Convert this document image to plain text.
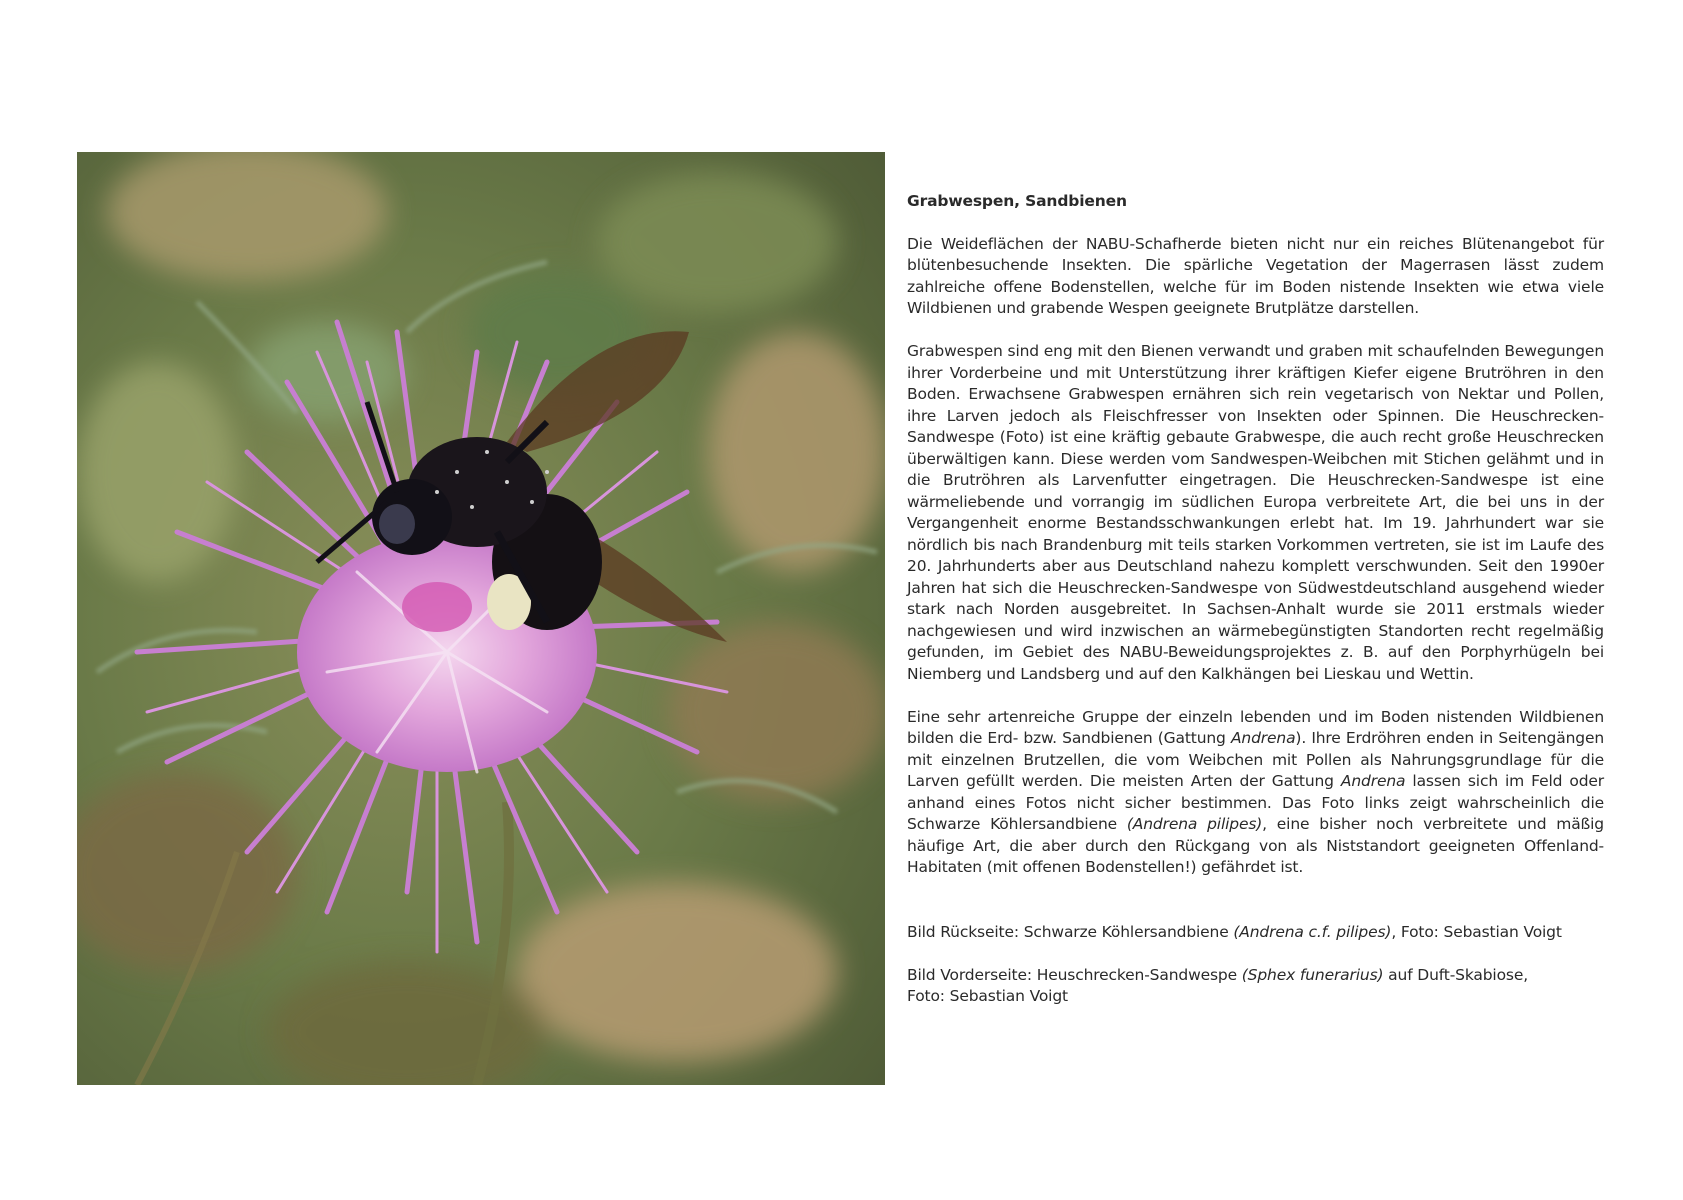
Grabwespen, Sandbienen

Die Weideflächen der NABU-Schafherde bieten nicht nur ein reiches Blütenangebot für blütenbesuchende Insekten. Die spärliche Vegetation der Magerrasen lässt zudem zahlreiche offene Bodenstellen, welche für im Boden nistende Insekten wie etwa viele Wildbienen und grabende Wespen geeignete Brutplätze darstellen.

Grabwespen sind eng mit den Bienen verwandt und graben mit schaufelnden Bewegungen ihrer Vorderbeine und mit Unterstützung ihrer kräftigen Kiefer eigene Brutröhren in den Boden. Erwachsene Grabwespen ernähren sich rein vegetarisch von Nektar und Pollen, ihre Larven jedoch als Fleischfresser von Insekten oder Spinnen. Die Heuschrecken-Sandwespe (Foto) ist eine kräftig gebaute Grabwespe, die auch recht große Heuschrecken überwältigen kann. Diese werden vom Sandwespen-Weibchen mit Stichen gelähmt und in die Brutröhren als Larvenfutter eingetragen. Die Heuschrecken-Sandwespe ist eine wärmeliebende und vorrangig im südlichen Europa verbreitete Art, die bei uns in der Vergangenheit enorme Bestandsschwankungen erlebt hat. Im 19. Jahrhundert war sie nördlich bis nach Brandenburg mit teils starken Vorkommen vertreten, sie ist im Laufe des 20. Jahrhunderts aber aus Deutschland nahezu komplett verschwunden. Seit den 1990er Jahren hat sich die Heuschrecken-Sandwespe von Südwestdeutschland ausgehend wieder stark nach Norden ausgebreitet. In Sachsen-Anhalt wurde sie 2011 erstmals wieder nachgewiesen und wird inzwischen an wärmebegünstigten Standorten recht regelmäßig gefunden, im Gebiet des NABU-Beweidungsprojektes z. B. auf den Porphyrhügeln bei Niemberg und Landsberg und auf den Kalkhängen bei Lieskau und Wettin.

Eine sehr artenreiche Gruppe der einzeln lebenden und im Boden nistenden Wildbienen bilden die Erd- bzw. Sandbienen (Gattung Andrena). Ihre Erdröhren enden in Seitengängen mit einzelnen Brutzellen, die vom Weibchen mit Pollen als Nahrungsgrundlage für die Larven gefüllt werden. Die meisten Arten der Gattung Andrena lassen sich im Feld oder anhand eines Fotos nicht sicher bestimmen. Das Foto links zeigt wahrscheinlich die Schwarze Köhlersandbiene (Andrena pilipes), eine bisher noch verbreitete und mäßig häufige Art, die aber durch den Rückgang von als Niststandort geeigneten Offenland-Habitaten (mit offenen Bodenstellen!) gefährdet ist.

Bild Rückseite: Schwarze Köhlersandbiene (Andrena c.f. pilipes), Foto: Sebastian Voigt

Bild Vorderseite: Heuschrecken-Sandwespe (Sphex funerarius) auf Duft-Skabiose,
Foto: Sebastian Voigt
